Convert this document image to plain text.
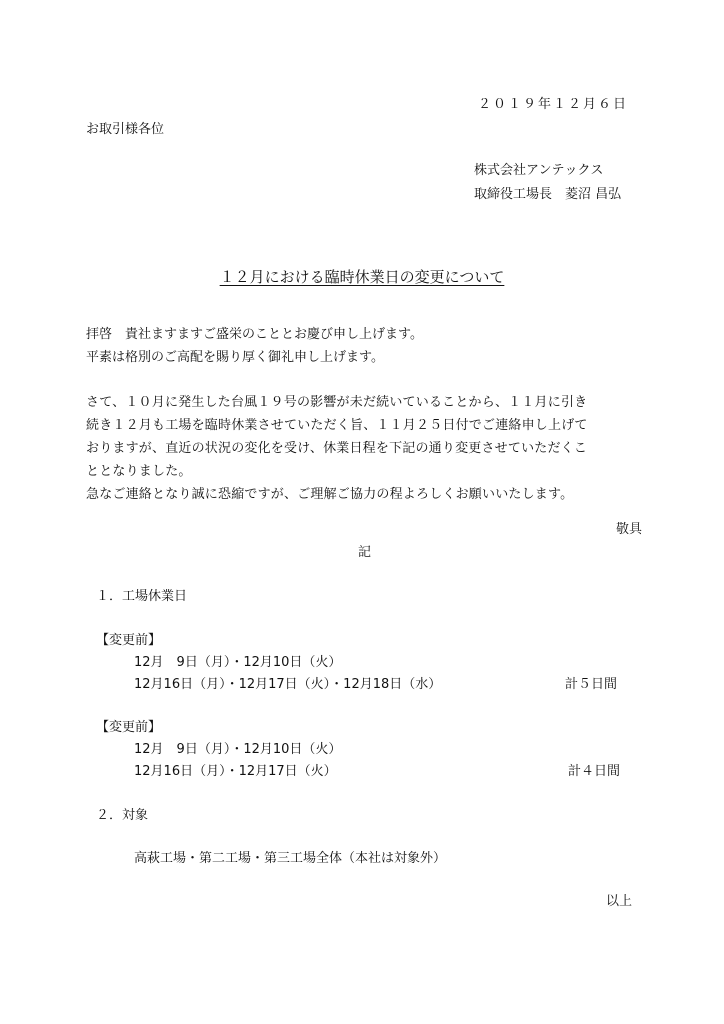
２０１９年１２月６日
お取引様各位
株式会社アンテックス
取締役工場長　菱沼 昌弘
１２月における臨時休業日の変更について
拝啓　貴社ますますご盛栄のこととお慶び申し上げます。
平素は格別のご高配を賜り厚く御礼申し上げます。
さて、１０月に発生した台風１９号の影響が未だ続いていることから、１１月に引き
続き１２月も工場を臨時休業させていただく旨、１１月２５日付でご連絡申し上げて
おりますが、直近の状況の変化を受け、休業日程を下記の通り変更させていただくこ
ととなりました。
急なご連絡となり誠に恐縮ですが、ご理解ご協力の程よろしくお願いいたします。
敬具
記
１．工場休業日
【変更前】
12月　9日（月）・12月10日（火）
12月16日（月）・12月17日（火）・12月18日（水）	計５日間
【変更前】
12月　9日（月）・12月10日（火）
12月16日（月）・12月17日（火）	計４日間
２．対象
高萩工場・第二工場・第三工場全体（本社は対象外）
以上
